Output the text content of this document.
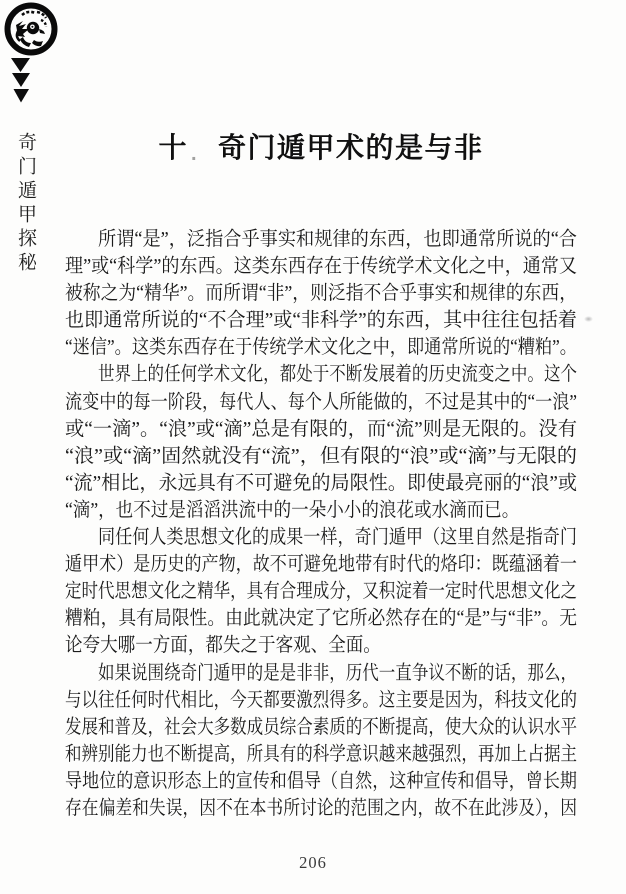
奇门遁甲探秘	十 . 奇门遁甲术的是与非
所谓“是”，泛指合乎事实和规律的东西，也即通常所说的“合
理”或“科学”的东西。这类东西存在于传统学术文化之中，通常又
被称之为“精华”。而所谓“非”，则泛指不合乎事实和规律的东西，
也即通常所说的“不合理”或“非科学”的东西，其中往往包括着
“迷信”。这类东西存在于传统学术文化之中，即通常所说的“糟粕”。
世界上的任何学术文化，都处于不断发展着的历史流变之中。这个
流变中的每一阶段，每代人、每个人所能做的，不过是其中的“一浪”
或“一滴”。“浪”或“滴”总是有限的，而“流”则是无限的。没有
“浪”或“滴”固然就没有“流”，但有限的“浪”或“滴”与无限的
“流”相比，永远具有不可避免的局限性。即使最亮丽的“浪”或
“滴”，也不过是滔滔洪流中的一朵小小的浪花或水滴而已。
同任何人类思想文化的成果一样，奇门遁甲（这里自然是指奇门
遁甲术）是历史的产物，故不可避免地带有时代的烙印：既蕴涵着一
定时代思想文化之精华，具有合理成分，又积淀着一定时代思想文化之
糟粕，具有局限性。由此就决定了它所必然存在的“是”与“非”。无
论夸大哪一方面，都失之于客观、全面。
如果说围绕奇门遁甲的是是非非，历代一直争议不断的话，那么，
与以往任何时代相比，今天都要激烈得多。这主要是因为，科技文化的
发展和普及，社会大多数成员综合素质的不断提高，使大众的认识水平
和辨别能力也不断提高，所具有的科学意识越来越强烈，再加上占据主
导地位的意识形态上的宣传和倡导（自然，这种宣传和倡导，曾长期
存在偏差和失误，因不在本书所讨论的范围之内，故不在此涉及），因
206
